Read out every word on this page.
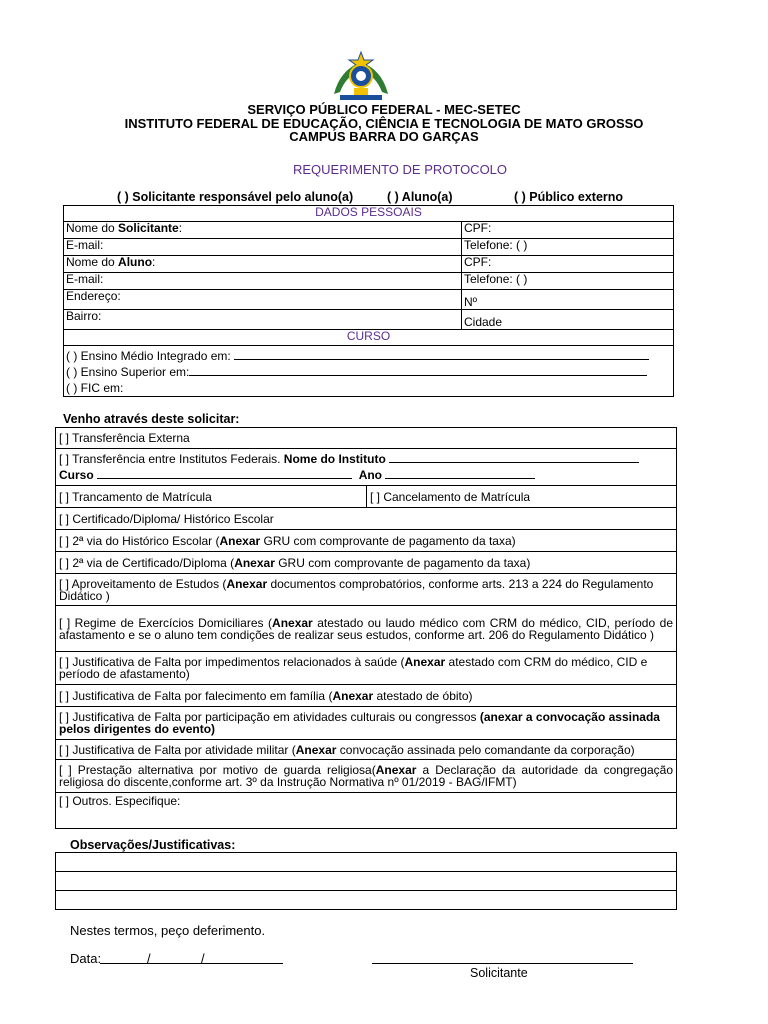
SERVIÇO PÚBLICO FEDERAL - MEC-SETEC
INSTITUTO FEDERAL DE EDUCAÇÃO, CIÊNCIA E TECNOLOGIA DE MATO GROSSO
CAMPUS BARRA DO GARÇAS
REQUERIMENTO DE PROTOCOLO
( ) Solicitante responsável pelo aluno(a)	( ) Aluno(a)	( ) Público externo
DADOS PESSOAIS	
Nome do Solicitante:	CPF:
E-mail:	Telefone: ( )
Nome do Aluno:	CPF:
E-mail:	Telefone: ( )
Endereço:	Nº
Bairro:	Cidade
CURSO	

( ) Ensino Médio Integrado em:
( ) Ensino Superior em:
( ) FIC em:	
Venho através deste solicitar:
[ ] Transferência Externa

[ ] Transferência entre Institutos Federais. Nome do Instituto
Curso	Ano

[ ] Trancamento de Matrícula	[ ] Cancelamento de Matrícula
[ ] Certificado/Diploma/ Histórico Escolar
[ ] 2ª via do Histórico Escolar (Anexar GRU com comprovante de pagamento da taxa)
[ ] 2ª via de Certificado/Diploma (Anexar GRU com comprovante de pagamento da taxa)
[ ] Aproveitamento de Estudos (Anexar documentos comprobatórios, conforme arts. 213 a 224 do Regulamento Didático )
[ ] Regime de Exercícios Domiciliares (Anexar atestado ou laudo médico com CRM do médico, CID, período de afastamento e se o aluno tem condições de realizar seus estudos, conforme art. 206 do Regulamento Didático )
[ ] Justificativa de Falta por impedimentos relacionados à saúde (Anexar atestado com CRM do médico, CID e período de afastamento)
[ ] Justificativa de Falta por falecimento em família (Anexar atestado de óbito)
[ ] Justificativa de Falta por participação em atividades culturais ou congressos (anexar a convocação assinada pelos dirigentes do evento)
[ ] Justificativa de Falta por atividade militar (Anexar convocação assinada pelo comandante da corporação)
[ ] Prestação alternativa por motivo de guarda religiosa(Anexar a Declaração da autoridade da congregação religiosa do discente,conforme art. 3º da Instrução Normativa nº 01/2019 - BAG/IFMT)
[ ] Outros. Especifique:
Observações/Justificativas:

Nestes termos, peço deferimento.
Data:	/	/
Solicitante
